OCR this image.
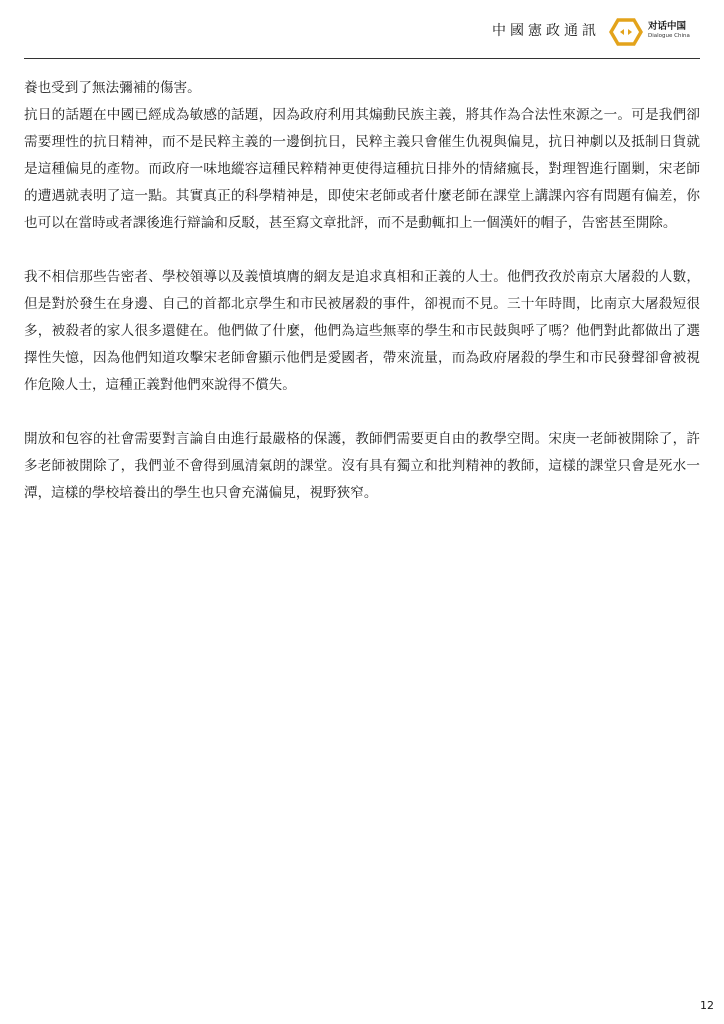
中國憲政通訊	对话中国
Dialogue China

養也受到了無法彌補的傷害。

抗日的話題在中國已經成為敏感的話題，因為政府利用其煽動民族主義，將其作為合法性來源之一。可是我們卻需要理性的抗日精神，而不是民粹主義的一邊倒抗日，民粹主義只會催生仇視與偏見，抗日神劇以及抵制日貨就是這種偏見的產物。而政府一味地縱容這種民粹精神更使得這種抗日排外的情緒瘋長，對理智進行圍剿，宋老師的遭遇就表明了這一點。其實真正的科學精神是，即使宋老師或者什麼老師在課堂上講課內容有問題有偏差，你也可以在當時或者課後進行辯論和反駁，甚至寫文章批評，而不是動輒扣上一個漢奸的帽子，告密甚至開除。

我不相信那些告密者、學校領導以及義憤填膺的網友是追求真相和正義的人士。他們孜孜於南京大屠殺的人數，但是對於發生在身邊、自己的首都北京學生和市民被屠殺的事件，卻視而不見。三十年時間，比南京大屠殺短很多，被殺者的家人很多還健在。他們做了什麼，他們為這些無辜的學生和市民鼓與呼了嗎？他們對此都做出了選擇性失憶，因為他們知道攻擊宋老師會顯示他們是愛國者，帶來流量，而為政府屠殺的學生和市民發聲卻會被視作危險人士，這種正義對他們來說得不償失。

開放和包容的社會需要對言論自由進行最嚴格的保護，教師們需要更自由的教學空間。宋庚一老師被開除了，許多老師被開除了，我們並不會得到風清氣朗的課堂。沒有具有獨立和批判精神的教師，這樣的課堂只會是死水一潭，這樣的學校培養出的學生也只會充滿偏見，視野狹窄。

12
